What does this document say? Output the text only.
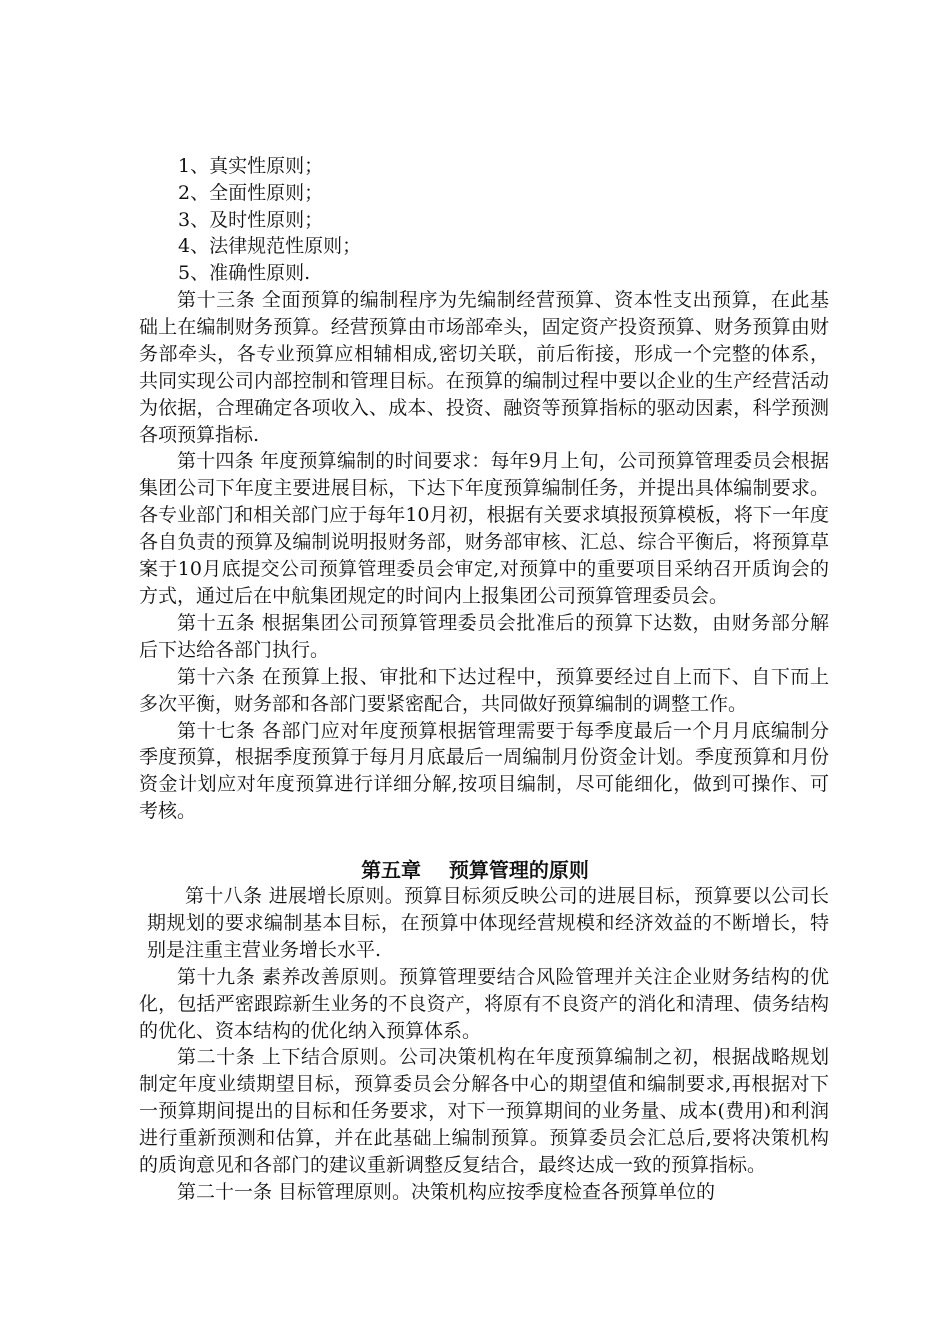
1、真实性原则；
2、全面性原则；
3、及时性原则；
4、法律规范性原则；
5、准确性原则.

第十三条 全面预算的编制程序为先编制经营预算、资本性支出预算，在此基础上在编制财务预算。经营预算由市场部牵头，固定资产投资预算、财务预算由财务部牵头，各专业预算应相辅相成,密切关联，前后衔接，形成一个完整的体系，共同实现公司内部控制和管理目标。在预算的编制过程中要以企业的生产经营活动为依据，合理确定各项收入、成本、投资、融资等预算指标的驱动因素，科学预测各项预算指标.

第十四条 年度预算编制的时间要求：每年9月上旬，公司预算管理委员会根据集团公司下年度主要进展目标，下达下年度预算编制任务，并提出具体编制要求。各专业部门和相关部门应于每年10月初，根据有关要求填报预算模板，将下一年度各自负责的预算及编制说明报财务部，财务部审核、汇总、综合平衡后，将预算草案于10月底提交公司预算管理委员会审定,对预算中的重要项目采纳召开质询会的方式，通过后在中航集团规定的时间内上报集团公司预算管理委员会。

第十五条 根据集团公司预算管理委员会批准后的预算下达数，由财务部分解后下达给各部门执行。

第十六条 在预算上报、审批和下达过程中，预算要经过自上而下、自下而上多次平衡，财务部和各部门要紧密配合，共同做好预算编制的调整工作。

第十七条 各部门应对年度预算根据管理需要于每季度最后一个月月底编制分季度预算，根据季度预算于每月月底最后一周编制月份资金计划。季度预算和月份资金计划应对年度预算进行详细分解,按项目编制，尽可能细化，做到可操作、可考核。

第五章    预算管理的原则

第十八条 进展增长原则。预算目标须反映公司的进展目标，预算要以公司长期规划的要求编制基本目标，在预算中体现经营规模和经济效益的不断增长，特别是注重主营业务增长水平.

第十九条 素养改善原则。预算管理要结合风险管理并关注企业财务结构的优化，包括严密跟踪新生业务的不良资产，将原有不良资产的消化和清理、债务结构的优化、资本结构的优化纳入预算体系。

第二十条 上下结合原则。公司决策机构在年度预算编制之初，根据战略规划制定年度业绩期望目标，预算委员会分解各中心的期望值和编制要求,再根据对下一预算期间提出的目标和任务要求，对下一预算期间的业务量、成本(费用)和利润进行重新预测和估算，并在此基础上编制预算。预算委员会汇总后,要将决策机构的质询意见和各部门的建议重新调整反复结合，最终达成一致的预算指标。

第二十一条 目标管理原则。决策机构应按季度检查各预算单位的
